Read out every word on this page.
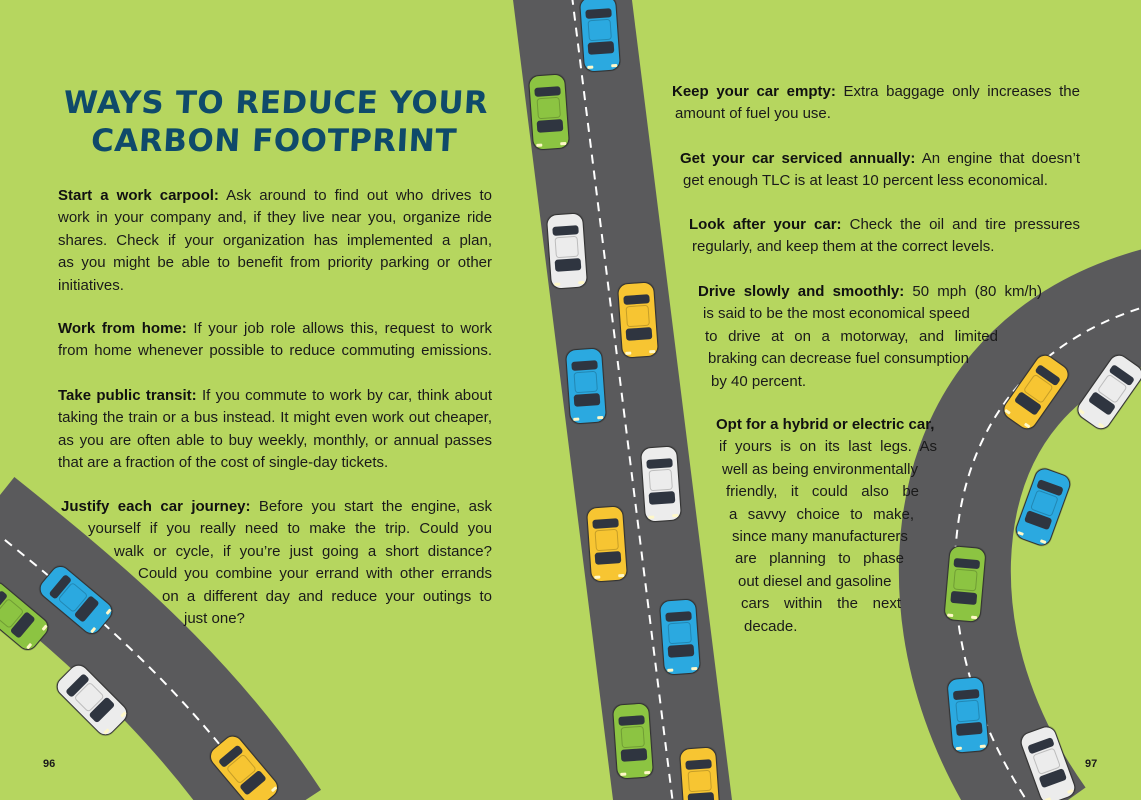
WAYS TO REDUCE YOUR
CARBON FOOTPRINT
Start a work carpool: Ask around to find out who drives to
work in your company and, if they live near you, organize ride
shares. Check if your organization has implemented a plan,
as you might be able to benefit from priority parking or other
initiatives.
Work from home: If your job role allows this, request to work
from home whenever possible to reduce commuting emissions.
Take public transit: If you commute to work by car, think about
taking the train or a bus instead. It might even work out cheaper,
as you are often able to buy weekly, monthly, or annual passes
that are a fraction of the cost of single-day tickets.
Justify each car journey: Before you start the engine, ask
yourself if you really need to make the trip. Could you
walk or cycle, if you’re just going a short distance?
Could you combine your errand with other errands
on a different day and reduce your outings to
just one?
96
Keep your car empty: Extra baggage only increases the
amount of fuel you use.
Get your car serviced annually: An engine that doesn’t
get enough TLC is at least 10 percent less economical.
Look after your car: Check the oil and tire pressures
regularly, and keep them at the correct levels.
Drive slowly and smoothly: 50 mph (80 km/h)
is said to be the most economical speed
to drive at on a motorway, and limited
braking can decrease fuel consumption
by 40 percent.
Opt for a hybrid or electric car,
if yours is on its last legs. As
well as being environmentally
friendly, it could also be
a savvy choice to make,
since many manufacturers
are planning to phase
out diesel and gasoline
cars within the next
decade.
97
